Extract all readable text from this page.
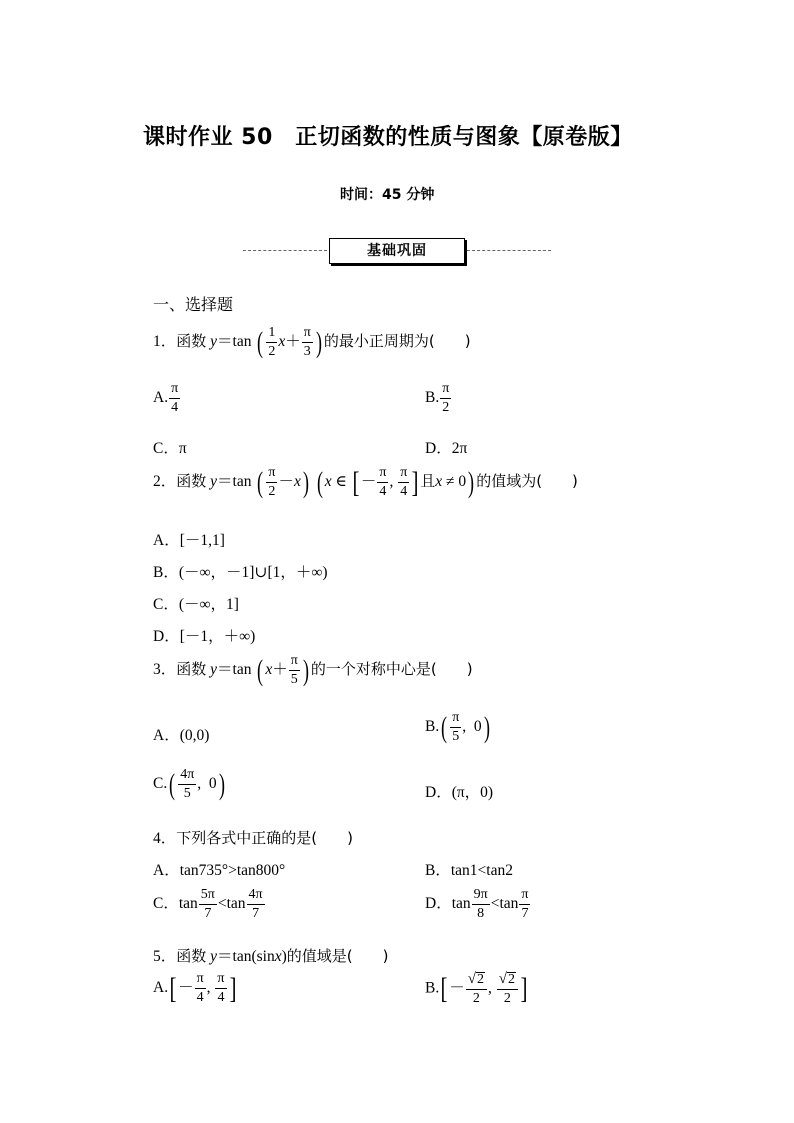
课时作业 50　正切函数的性质与图象【原卷版】
时间：45 分钟
基础巩固
一、选择题
1．函数 y＝tan ( $\frac{1}{2} x+ \frac{\pi}{3}$ ) 的最小正周期为(　　)
A. $\frac{\pi}{4}$	B. $\frac{\pi}{2}$
C．π	D．2π
2．函数 y＝tan ( $\frac{\pi}{2} -x$) ( x ∈ [－ $\frac{\pi}{4}$ , $\frac{\pi}{4}$ ] 且x ≠ 0) 的值域为(　　)
A．[－1,1]
B．(－∞，－1]∪[1，＋∞)
C．(－∞，1]
D．[－1，＋∞)
3．函数 y＝tan ( $x+ \frac{\pi}{5}$ ) 的一个对称中心是(　　)
A．(0,0)
$B.( \frac{\pi}{5}$ ,  0)
$C.( \frac{4\pi}{5}$ ,  0)	D．(π，0)
4．下列各式中正确的是(　　)
A．tan735°>tan800°	B．tan1<tan2
C．$\tan \frac{5\pi}{7} <\tan \frac{4\pi}{7}$	D．$\tan \frac{9\pi}{8} <\tan \frac{\pi}{7}$
5．函数 y＝tan(sinx)的值域是(　　)
$A.[- \frac{\pi}{4}$ , $\frac{\pi}{4}$ ]	$B.[- \frac{√ 2}{2}$ , $\frac{√ 2}{2}$ ]
